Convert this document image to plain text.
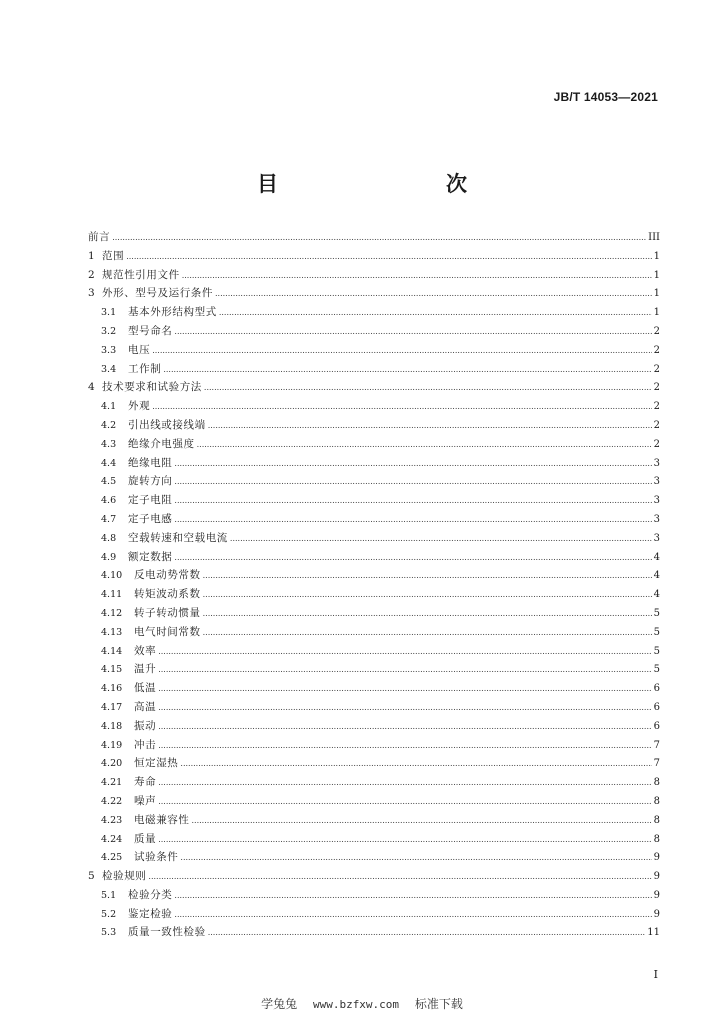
JB/T 14053—2021
目　　次
前言 .....	III
1 范围 .....	1
2 规范性引用文件 .....	1
3 外形、型号及运行条件 .....	1
3.1	基本外形结构型式 .....	1
3.2	型号命名 .....	2
3.3	电压 .....	2
3.4	工作制 .....	2
4 技术要求和试验方法 .....	2
4.1	外观 .....	2
4.2	引出线或接线端 .....	2
4.3	绝缘介电强度 .....	2
4.4	绝缘电阻 .....	3
4.5	旋转方向 .....	3
4.6	定子电阻 .....	3
4.7	定子电感 .....	3
4.8	空载转速和空载电流 .....	3
4.9	额定数据 .....	4
4.10	反电动势常数 .....	4
4.11	转矩波动系数 .....	4
4.12	转子转动惯量 .....	5
4.13	电气时间常数 .....	5
4.14	效率 .....	5
4.15	温升 .....	5
4.16	低温 .....	6
4.17	高温 .....	6
4.18	振动 .....	6
4.19	冲击 .....	7
4.20	恒定湿热 .....	7
4.21	寿命 .....	8
4.22	噪声 .....	8
4.23	电磁兼容性 .....	8
4.24	质量 .....	8
4.25	试验条件 .....	9
5 检验规则 .....	9
5.1	检验分类 .....	9
5.2	鉴定检验 .....	9
5.3	质量一致性检验 .....	11
I
学兔兔 www.bzfxw.com 标准下载
